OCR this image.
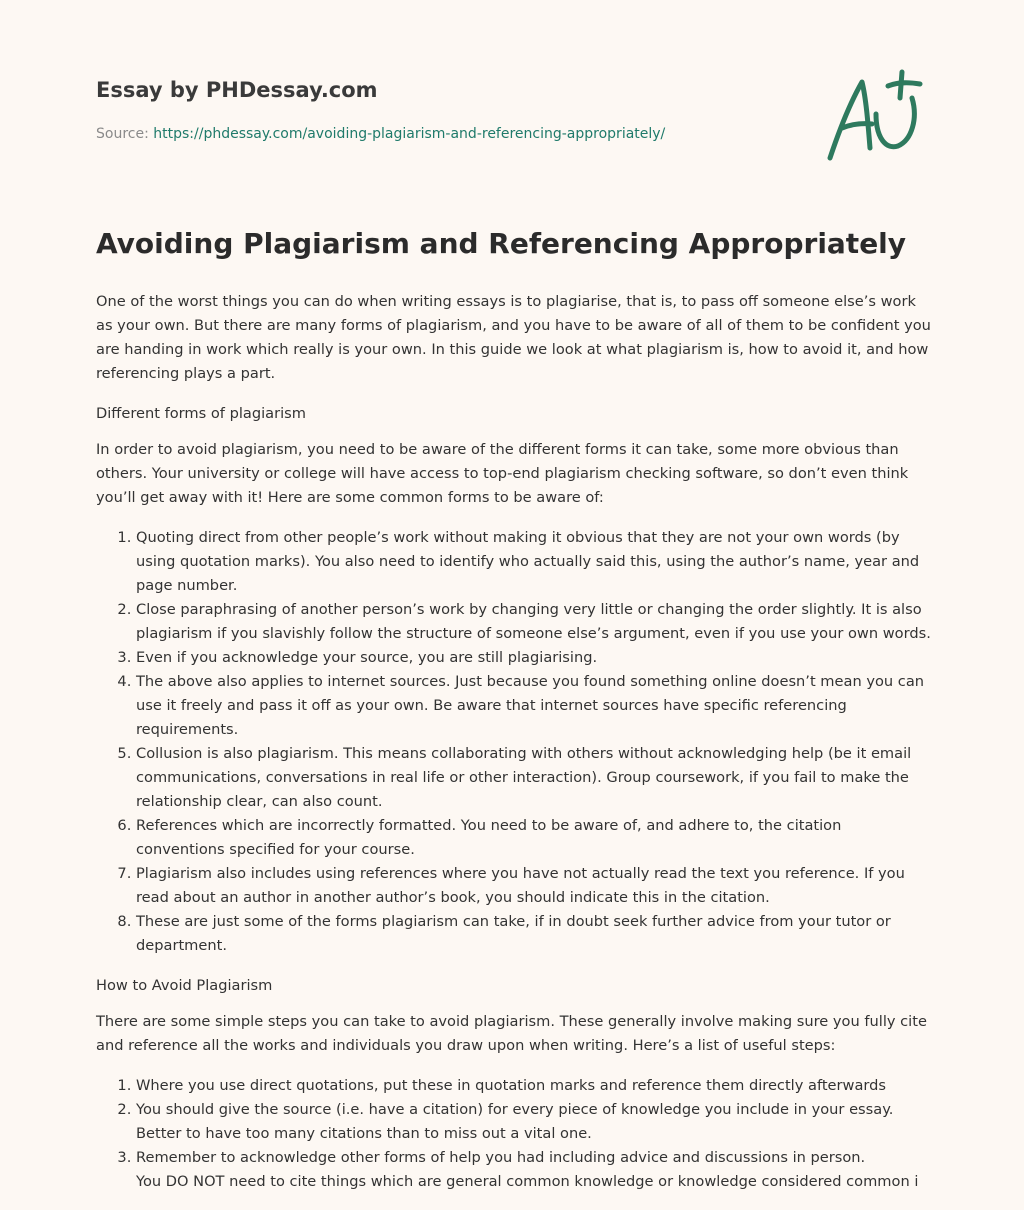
Essay by PHDessay.com
Source: https://phdessay.com/avoiding-plagiarism-and-referencing-appropriately/
Avoiding Plagiarism and Referencing Appropriately

One of the worst things you can do when writing essays is to plagiarise, that is, to pass off someone else’s work as your own. But there are many forms of plagiarism, and you have to be aware of all of them to be confident you are handing in work which really is your own. In this guide we look at what plagiarism is, how to avoid it, and how referencing plays a part.

Different forms of plagiarism

In order to avoid plagiarism, you need to be aware of the different forms it can take, some more obvious than others. Your university or college will have access to top-end plagiarism checking software, so don’t even think you’ll get away with it! Here are some common forms to be aware of:

1. Quoting direct from other people’s work without making it obvious that they are not your own words (by using quotation marks). You also need to identify who actually said this, using the author’s name, year and page number.
2. Close paraphrasing of another person’s work by changing very little or changing the order slightly. It is also plagiarism if you slavishly follow the structure of someone else’s argument, even if you use your own words.
3. Even if you acknowledge your source, you are still plagiarising.
4. The above also applies to internet sources. Just because you found something online doesn’t mean you can use it freely and pass it off as your own. Be aware that internet sources have specific referencing requirements.
5. Collusion is also plagiarism. This means collaborating with others without acknowledging help (be it email communications, conversations in real life or other interaction). Group coursework, if you fail to make the relationship clear, can also count.
6. References which are incorrectly formatted. You need to be aware of, and adhere to, the citation conventions specified for your course.
7. Plagiarism also includes using references where you have not actually read the text you reference. If you read about an author in another author’s book, you should indicate this in the citation.
8. These are just some of the forms plagiarism can take, if in doubt seek further advice from your tutor or department.

How to Avoid Plagiarism

There are some simple steps you can take to avoid plagiarism. These generally involve making sure you fully cite and reference all the works and individuals you draw upon when writing. Here’s a list of useful steps:

1. Where you use direct quotations, put these in quotation marks and reference them directly afterwards
2. You should give the source (i.e. have a citation) for every piece of knowledge you include in your essay. Better to have too many citations than to miss out a vital one.
3. Remember to acknowledge other forms of help you had including advice and discussions in person.
4. You DO NOT need to cite things which are general common knowledge or knowledge considered common i
